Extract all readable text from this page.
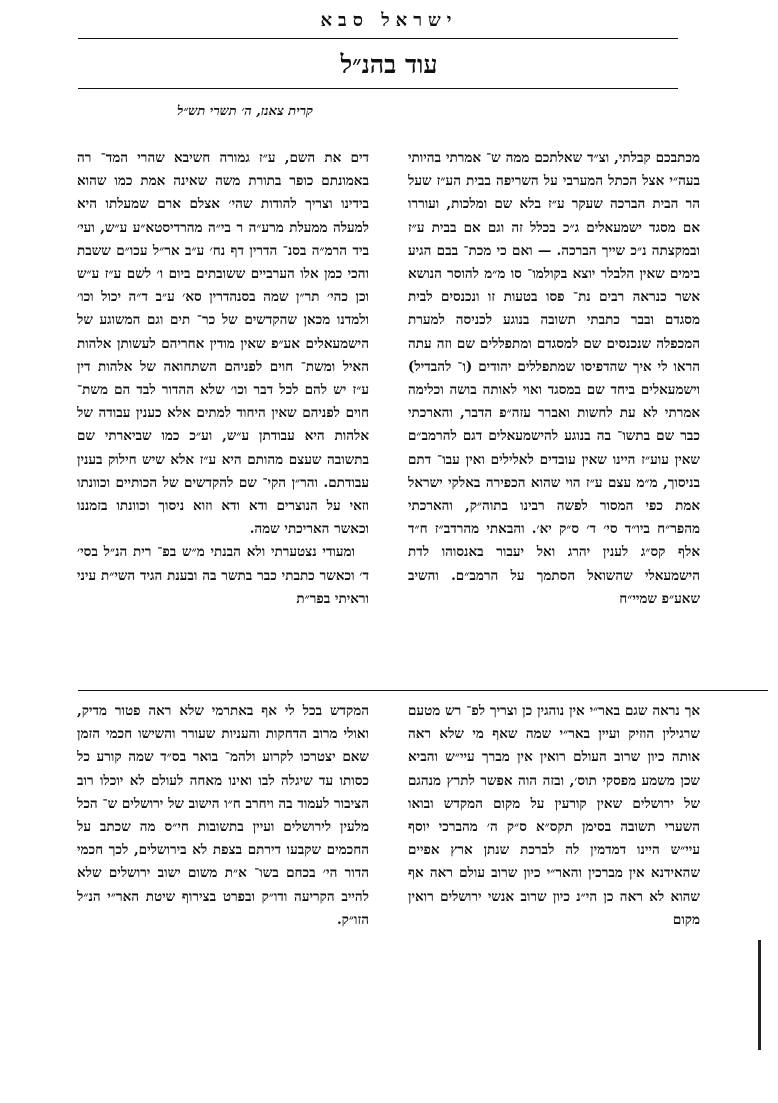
ישראל סבא
עוד בהנ״ל
קרית צאנז, ה׳ תשרי תש״ל

מכתבכם קבלתי, וצ״ד שאלתכם ממה ש־ אמרתי בהיותי בעה״י אצל הכתל המערבי על השריפה בבית הע״ז שעל הר הבית הברכה שעקר ע״ז בלא שם ומלכות, ועוררו אם מסגד ישמעאלים ג״כ בכלל זה וגם אם בבית ע״ז ובמקצתה נ״כ שייך הברכה. — ואם כי מכת־ בבם הגיע בימים שאין הלבלר יוצא בקולמו־ סו מ״מ להוסר הנושא אשר כנראה רבים נת־ פסו בטעות זו ונכנסים לבית מסגדם ובבר כתבתי תשובה בנוגע לכניסה למערת המכפלה שנכנסים שם למסגדם ומתפללים שם וזה עתה הראו לי איך שהדפיסו שמתפללים יהודים (ו־ להבדיל) וישמעאלים ביחד שם במסגד ואוי לאותה בושה וכלימה אמרתי לא עת לחשות ואברר עזה״פ הדבר, והארכתי כבר שם בתשו־ בה בנוגע להישמעאלים דגם להרמב״ם שאין עוע״ז היינו שאין עובדים לאלילים ואין עבו־ דתם בניסוך, מ״מ עצם ע״ז הוי שהוא הכפירה באלקי ישראל אמת כפי המסור לפשה רבינו בתוה״ק, והארכתי מהפר״ח ביו״ד סי׳ ד׳ ס״ק יא׳. והבאתי מהרדב״ז ח״ד אלף קס״ג לענין יהרג ואל יעבור באנסוהו לדת הישמעאלי שהשואל הסתמך על הרמב״ם. והשיב שאע״פ שמיי״ח

דים את השם, ע״ז גמורה חשיבא שהרי המד־ רה באמונתם כופר בתורת משה שאינה אמת כמו שהוא בידינו וצריך להודות שהי׳ אצלם ארם שמעלתו היא למעלה ממעלת מרע״ה ר בי״ה מהרדיסטא״ע ע״ש, ועי׳ ביד הרמ״ה בסנ־ הדרין דף נח׳ ע״ב אר״ל עכו״ם ששבת והכי כמן אלו הערביים ששובתים ביום ו׳ לשם ע״ז ע״ש וכן כהי׳ תר״ן שמה בסנהדרין סא׳ ע״ב ד״ה יכול וכו׳ ולמדנו מכאן שהקדשים של כר־ תים וגם המשוגע של הישמעאלים אע״פ שאין מודין אחריהם לעשותן אלהות האיל ומשת־ חוים לפניהם השתחואה של אלהות דין ע״ז יש להם לכל דבר וכו׳ שלא ההדור לבד הם משת־ חוים לפניהם שאין היחוד למתים אלא כענין עבודה של אלהות היא עבודתן ע״ש, וע״כ כמו שביארתי שם בתשובה שעצם מהותם היא ע״ז אלא שיש חילוק בענין עבודתם. והר״ן הקי־ שם להקדשים של הכותיים וכוונתו וזאי על הנוצרים ודא ודא וזוא ניסוך וכוונתו בזמננו וכאשר האריכתי שמה.

ומעודי נצטערתי ולא הבנתי מ״ש בפ־ רית הנ״ל בסי׳ ד׳ וכאשר כתבתי כבר בתשר בה ובענת הגיד השי״ת עיני וראיתי בפר״ת

אך נראה שגם באר״י אין נוהגין כן וצריך לפ־ רש מטעם שרגילין הוזיק ועיין באר״י שמה שאף מי שלא ראה אותה כיון שרוב העולם רואין אין מברך עיי״ש והביא שכן משמע מפסקי תוס׳, ובזה הוה אפשר לתרץ מנהגם של ירושלים שאין קורעין על מקום המקדש ובואו השערי תשובה בסימן תקס״א ס״ק ה׳ מהברכי יוסף עיי״ש היינו דמדמין לה לברכת שנתן ארץ אפיים שהאידנא אין מברכין והאר״י כיון שרוב עולם ראה אף שהוא לא ראה כן הי״נ כיון שרוב אנשי ירושלים רואין מקום

המקדש בכל לי אף באתרמי שלא ראה פטור מדיק, ואולי מרוב הדחקות והעניות שעורר והשישו חכמי הזמן שאם יצטרכו לקרוע ולהמ־ בואר בס״ד שמה קורע כל כסותו עד שיגלה לבו ואינו מאחה לעולם לא יוכלו רוב הציבור לעמוד בה ויחרב ח״ו הישוב של ירושלים ש־ הכל מלעין לירושלים ועיין בתשובות חי״ס מה שכתב על החכמים שקבעו דירתם בצפת לא בירושלים, לכך חכמי הדור הי׳ בכחם בשו־ א״ת משום ישוב ירושלים שלא להייב הקריעה ודו״ק ובפרט בצירוף שיטת האר״י הנ״ל הזו״ק.
